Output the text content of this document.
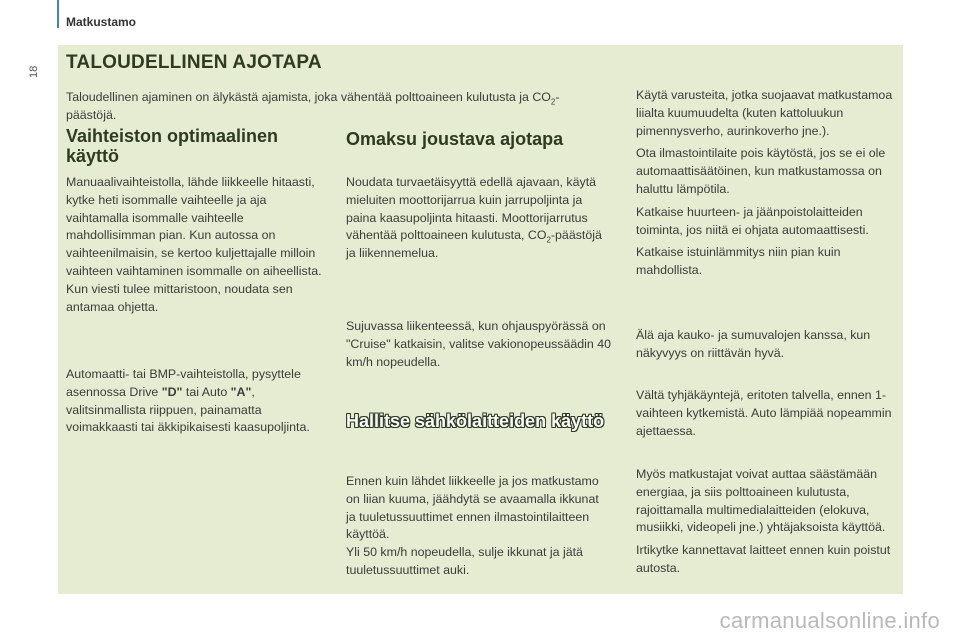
Matkustamo
18 TALOUDELLINEN AJOTAPA

Taloudellinen ajaminen on älykästä ajamista, joka vähentää polttoaineen kulutusta ja $CO_2$-päästöjä.

Vaihteiston optimaalinen käyttö

Manuaalivaihteistolla, lähde liikkeelle hitaasti, kytke heti isommalle vaihteelle ja aja vaihtamalla isommalle vaihteelle mahdollisimman pian. Kun autossa on vaihteenilmaisin, se kertoo kuljettajalle milloin vaihteen vaihtaminen isommalle on aiheellista. Kun viesti tulee mittaristoon, noudata sen antamaa ohjetta.

Automaatti- tai BMP-vaihteistolla, pysyttele asennossa Drive "D" tai Auto "A", valitsinmallista riippuen, painamatta voimakkaasti tai äkkipikaisesti kaasupoljinta.

Omaksu joustava ajotapa

Noudata turvaetäisyyttä edellä ajavaan, käytä mieluiten moottorijarrua kuin jarrupoljinta ja paina kaasupoljinta hitaasti. Moottorijarrutus vähentää polttoaineen kulutusta, $CO_2$-päästöjä ja liikennemelua.

Sujuvassa liikenteessä, kun ohjauspyörässä on "Cruise" katkaisin, valitse vakionopeussäädin 40 km/h nopeudella.

Hallitse sähkölaitteiden käyttö

Ennen kuin lähdet liikkeelle ja jos matkustamo on liian kuuma, jäähdytä se avaamalla ikkunat ja tuuletussuuttimet ennen ilmastointilaitteen käyttöä.

Yli 50 km/h nopeudella, sulje ikkunat ja jätä tuuletussuuttimet auki.

Käytä varusteita, jotka suojaavat matkustamoa liialta kuumuudelta (kuten kattoluukun pimennysverho, aurinkoverho jne.).

Ota ilmastointilaite pois käytöstä, jos se ei ole automaattisäätöinen, kun matkustamossa on haluttu lämpötila.

Katkaise huurteen- ja jäänpoistolaitteiden toiminta, jos niitä ei ohjata automaattisesti.

Katkaise istuinlämmitys niin pian kuin mahdollista.

Älä aja kauko- ja sumuvalojen kanssa, kun näkyvyys on riittävän hyvä.

Vältä tyhjäkäyntejä, eritoten talvella, ennen 1-vaihteen kytkemistä. Auto lämpiää nopeammin ajettaessa.

Myös matkustajat voivat auttaa säästämään energiaa, ja siis polttoaineen kulutusta, rajoittamalla multimedialaitteiden (elokuva, musiikki, videopeli jne.) yhtäjaksoista käyttöä.

Irtikytke kannettavat laitteet ennen kuin poistut autosta.

carmanualsonline.info
